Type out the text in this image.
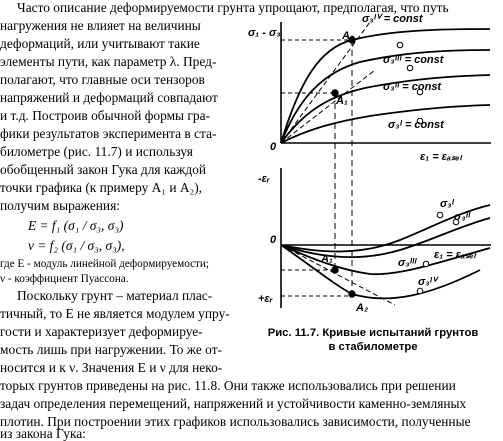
Часто описание деформируемости грунта упрощают, предполагая, что путь
нагружения не влияет на величины
деформаций, или учитывают такие
элементы пути, как параметр λ. Пред-
полагают, что главные оси тензоров
напряжений и деформаций совпадают
и т.д. Построив обычной формы гра-
фики результатов эксперимента в ста-
билометре (рис. 11.7) и используя
обобщенный закон Гука для каждой
точки графика (к примеру A₁ и A₂),
получим выражения:
E = f₁ (σ₁ / σ₃, σ₃)
ν = f₂ (σ₁ / σ₃, σ₃),
где E - модуль линейной деформируемости;
ν - коэффициент Пуассона.
Поскольку грунт – материал плас-
тичный, то E не является модулем упру-
гости и характеризует деформируе-
мость лишь при нагружении. То же от-
носится и к ν. Значения E и ν для неко-
торых грунтов приведены на рис. 11.8. Они также использовались при решении
задач определения перемещений, напряжений и устойчивости каменно-земляных
плотин. При построении этих графиков использовались зависимости, полученные
из закона Гука:
σ₁ - σ₃
0
ε₁ = εₐₛₑₗ
σ₃ᴵⱽ = const
σ₃ᴵᴵᴵ = const
σ₃ᴵᴵ = const
σ₃ᴵ = const
A₂
A₁
-εᵣ
+εᵣ
0
ε₁ = εₐₛₑₗ
σ₃ᴵ
σ₃ᴵᴵ
σ₃ᴵᴵᴵ
σ₃ᴵⱽ
A₁
A₂
Рис. 11.7. Кривые испытаний грунтов
в стабилометре
